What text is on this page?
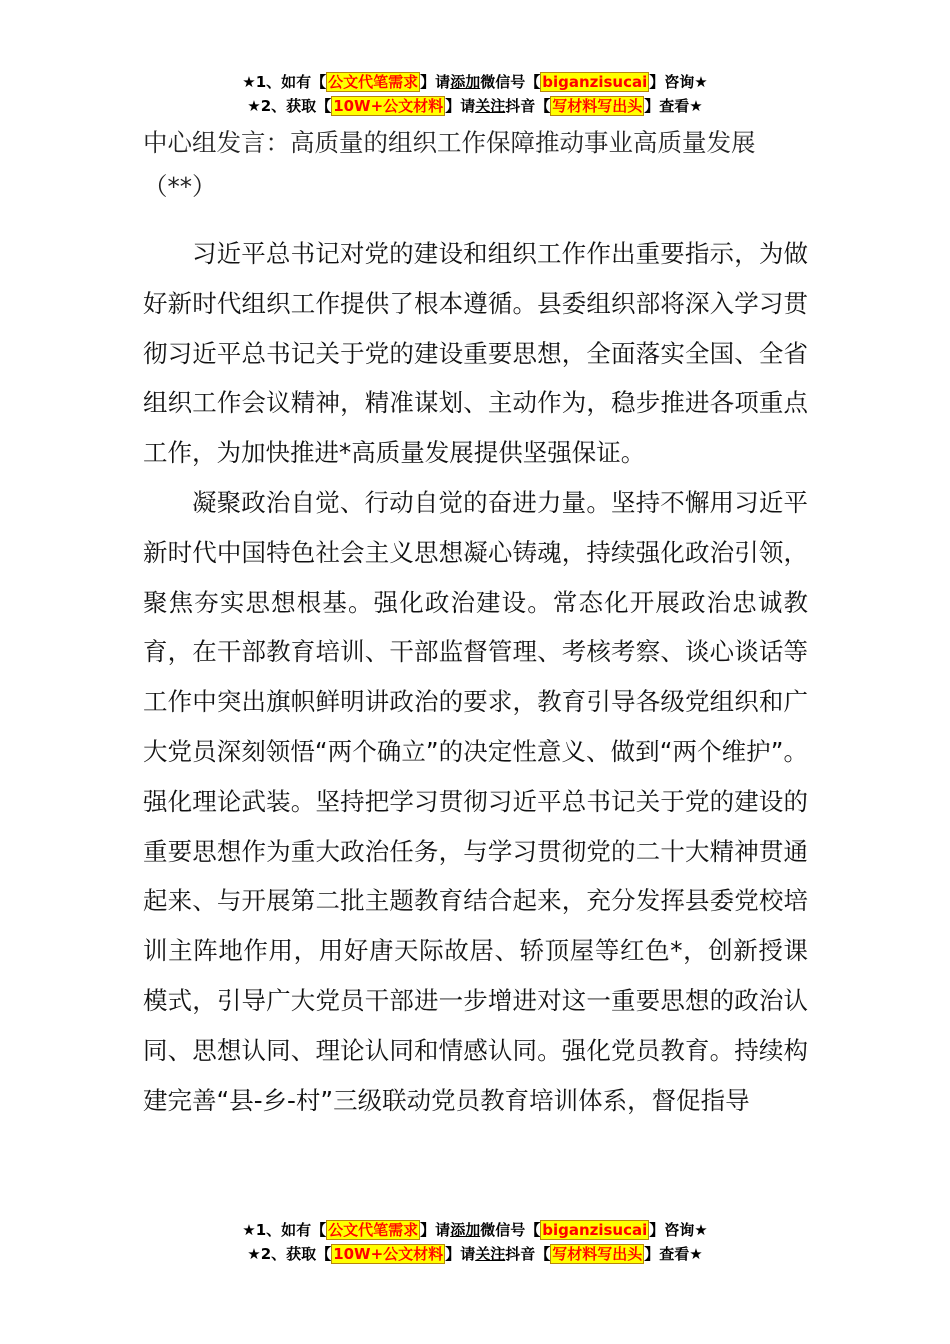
★1、如有【 公文代笔需求 】请添加微信号【 biganzisucai 】咨询★
★2、获取【 10W+公文材料 】请关注抖音【 写材料写出头 】查看★
中心组发言：高质量的组织工作保障推动事业高质量发展（**）

习近平总书记对党的建设和组织工作作出重要指示，为做好新时代组织工作提供了根本遵循。县委组织部将深入学习贯彻习近平总书记关于党的建设重要思想，全面落实全国、全省组织工作会议精神，精准谋划、主动作为，稳步推进各项重点工作，为加快推进*高质量发展提供坚强保证。

凝聚政治自觉、行动自觉的奋进力量。坚持不懈用习近平新时代中国特色社会主义思想凝心铸魂，持续强化政治引领，聚焦夯实思想根基。强化政治建设。常态化开展政治忠诚教育，在干部教育培训、干部监督管理、考核考察、谈心谈话等工作中突出旗帜鲜明讲政治的要求，教育引导各级党组织和广大党员深刻领悟“两个确立”的决定性意义、做到“两个维护”。强化理论武装。坚持把学习贯彻习近平总书记关于党的建设的重要思想作为重大政治任务，与学习贯彻党的二十大精神贯通起来、与开展第二批主题教育结合起来，充分发挥县委党校培训主阵地作用，用好唐天际故居、轿顶屋等红色*，创新授课模式，引导广大党员干部进一步增进对这一重要思想的政治认同、思想认同、理论认同和情感认同。强化党员教育。持续构建完善“县-乡-村”三级联动党员教育培训体系，督促指导

★1、如有【 公文代笔需求 】请添加微信号【 biganzisucai 】咨询★
★2、获取【 10W+公文材料 】请关注抖音【 写材料写出头 】查看★
